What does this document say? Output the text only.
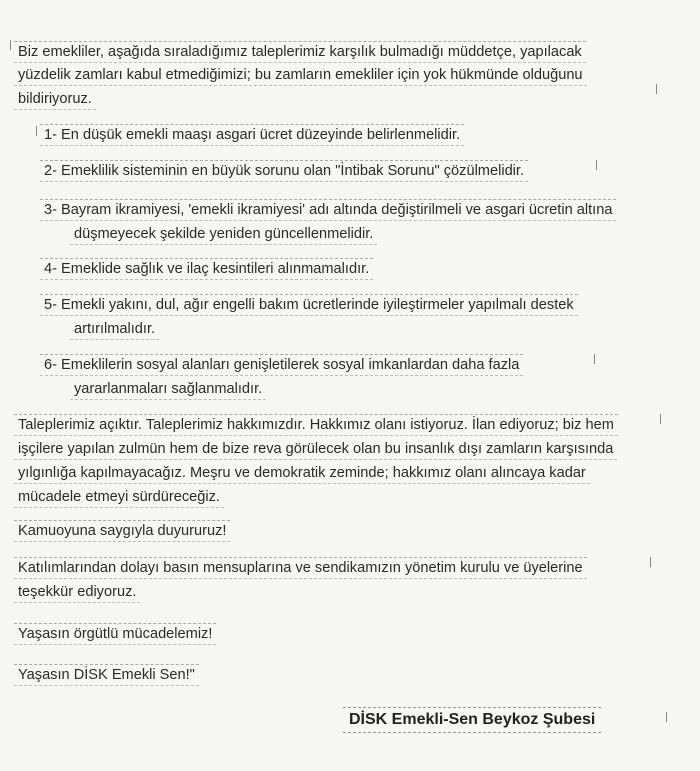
Biz emekliler, aşağıda sıraladığımız taleplerimiz karşılık bulmadığı müddetçe, yapılacak
yüzdelik zamları kabul etmediğimizi; bu zamların emekliler için yok hükmünde olduğunu
bildiriyoruz.
1- En düşük emekli maaşı asgari ücret düzeyinde belirlenmelidir.
2- Emeklilik sisteminin en büyük sorunu olan "İntibak Sorunu" çözülmelidir.
3- Bayram ikramiyesi, 'emekli ikramiyesi' adı altında değiştirilmeli ve asgari ücretin altına
düşmeyecek şekilde yeniden güncellenmelidir.
4- Emeklide sağlık ve ilaç kesintileri alınmamalıdır.
5- Emekli yakını, dul, ağır engelli bakım ücretlerinde iyileştirmeler yapılmalı destek
artırılmalıdır.
6- Emeklilerin sosyal alanları genişletilerek sosyal imkanlardan daha fazla
yararlanmaları sağlanmalıdır.
Taleplerimiz açıktır. Taleplerimiz hakkımızdır. Hakkımız olanı istiyoruz. İlan ediyoruz; biz hem
işçilere yapılan zulmün hem de bize reva görülecek olan bu insanlık dışı zamların karşısında
yılgınlığa kapılmayacağız. Meşru ve demokratik zeminde; hakkımız olanı alıncaya kadar
mücadele etmeyi sürdüreceğiz.
Kamuoyuna saygıyla duyururuz!
Katılımlarından dolayı basın mensuplarına ve sendikamızın yönetim kurulu ve üyelerine
teşekkür ediyoruz.
Yaşasın örgütlü mücadelemiz!
Yaşasın DİSK Emekli Sen!"
DİSK Emekli-Sen Beykoz Şubesi
